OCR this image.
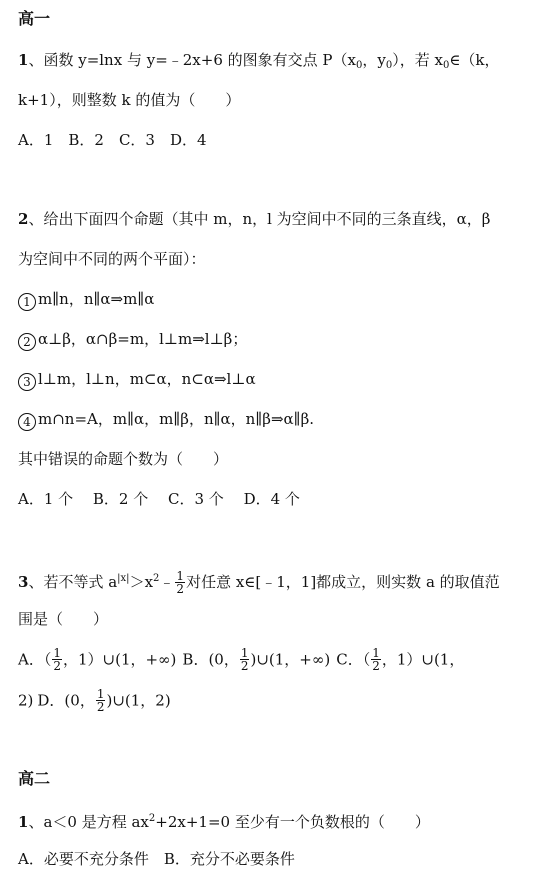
高一
1、函数 y=lnx 与 y=﹣2x+6 的图象有交点 $P(x_0$，$y_0$），若 $x_0\in(k$，
k+1），则整数 k 的值为（　　）
A．1　B．2　C．3　D．4
2、给出下面四个命题（其中 m，n，l 为空间中不同的三条直线，α，β
为空间中不同的两个平面）：
1 m∥n，n∥α⇒m∥α
2 α⊥β，α∩β=m，l⊥m⇒l⊥β；
3 l⊥m，l⊥n，m⊂α，n⊂α⇒l⊥α
4 m∩n=A，m∥α，m∥β，n∥α，n∥β⇒α∥β.
其中错误的命题个数为（　　）
A．1 个　 B．2 个　 C．3 个　 D．4 个
3、若不等式 $a^{|x|}>x^2﹣ \frac{1}{2}$ 对任意 x∈[﹣1，1]都成立，则实数 a 的取值范
围是（　　）
A．（ $\frac{1}{2}$ ，1）∪(1，+∞) B．(0， $\frac{1}{2}$ )∪(1，+∞) C．（ $\frac{1}{2}$ ，1）∪(1，
2) D．(0， $\frac{1}{2}$ )∪(1，2)
高二
1、a＜0 是方程 $ax^2+2x+1=0$ 至少有一个负数根的（　　）
A．必要不充分条件　B．充分不必要条件
